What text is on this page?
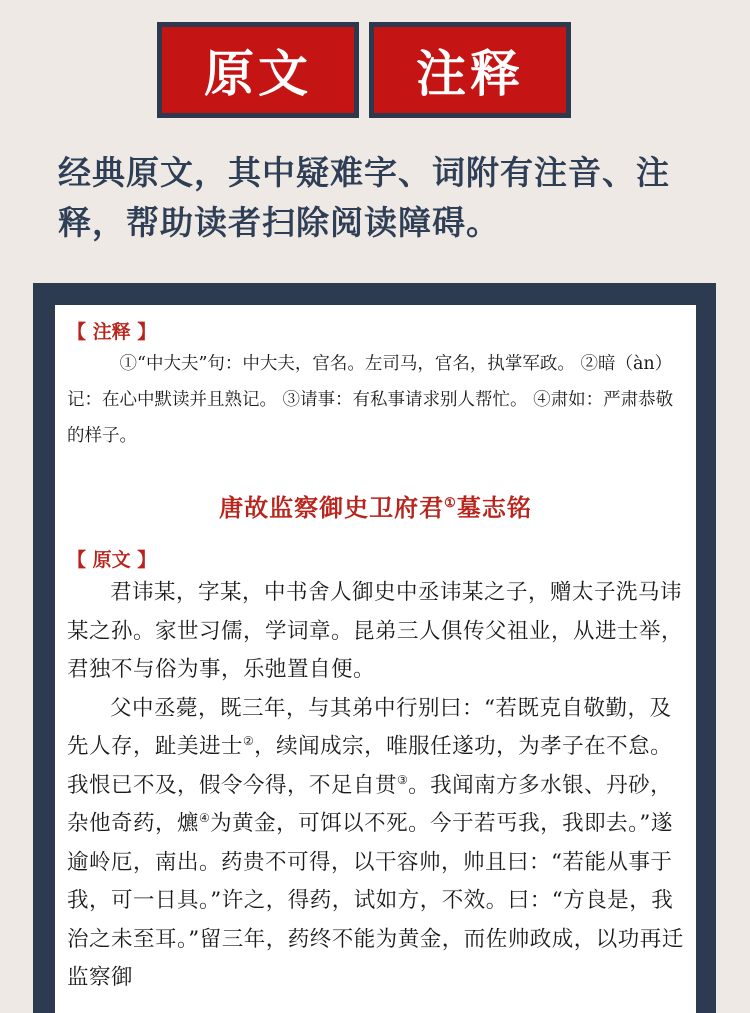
原文	注释
经典原文，其中疑难字、词附有注音、注释，帮助读者扫除阅读障碍。
【 注释 】

①“中大夫”句：中大夫，官名。左司马，官名，执掌军政。 ②暗（àn）记：在心中默读并且熟记。 ③请事：有私事请求别人帮忙。 ④肃如：严肃恭敬的样子。

唐故监察御史卫府君①墓志铭
【 原文 】

君讳某，字某，中书舍人御史中丞讳某之子，赠太子洗马讳某之孙。家世习儒，学词章。昆弟三人俱传父祖业，从进士举，君独不与俗为事，乐弛置自便。

父中丞薨，既三年，与其弟中行别曰：“若既克自敬勤，及先人存，趾美进士②，续闻成宗，唯服任遂功，为孝子在不怠。我恨已不及，假令今得，不足自贯③。我闻南方多水银、丹砂，杂他奇药，爊④为黄金，可饵以不死。今于若丐我，我即去。”遂逾岭厄，南出。药贵不可得，以干容帅，帅且曰：“若能从事于我，可一日具。”许之，得药，试如方，不效。曰：“方良是，我治之未至耳。”留三年，药终不能为黄金，而佐帅政成，以功再迁监察御
